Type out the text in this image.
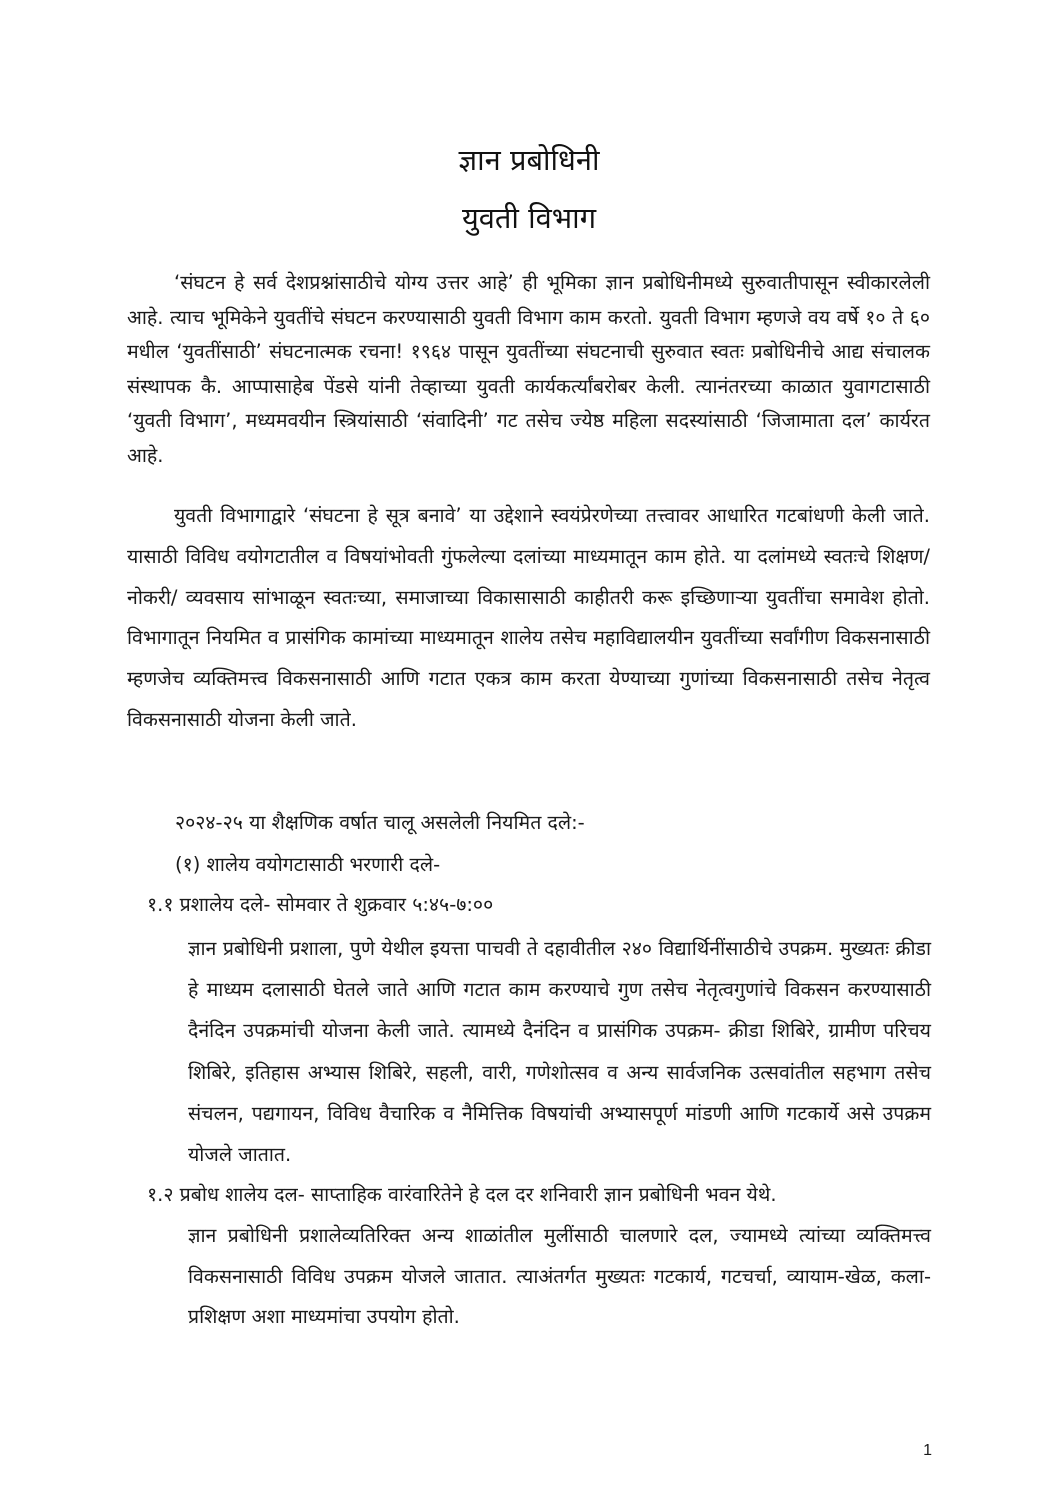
ज्ञान प्रबोधिनी
युवती विभाग

‘संघटन हे सर्व देशप्रश्नांसाठीचे योग्य उत्तर आहे’ ही भूमिका ज्ञान प्रबोधिनीमध्ये सुरुवातीपासून स्वीकारलेली आहे. त्याच भूमिकेने युवतींचे संघटन करण्यासाठी युवती विभाग काम करतो. युवती विभाग म्हणजे वय वर्षे १० ते ६० मधील ‘युवतींसाठी’ संघटनात्मक रचना! १९६४ पासून युवतींच्या संघटनाची सुरुवात स्वतः प्रबोधिनीचे आद्य संचालक संस्थापक कै. आप्पासाहेब पेंडसे यांनी तेव्हाच्या युवती कार्यकर्त्यांबरोबर केली. त्यानंतरच्या काळात युवागटासाठी ‘युवती विभाग’, मध्यमवयीन स्त्रियांसाठी ‘संवादिनी’ गट तसेच ज्येष्ठ महिला सदस्यांसाठी ‘जिजामाता दल’ कार्यरत आहे.

युवती विभागाद्वारे ‘संघटना हे सूत्र बनावे’ या उद्देशाने स्वयंप्रेरणेच्या तत्त्वावर आधारित गटबांधणी केली जाते. यासाठी विविध वयोगटातील व विषयांभोवती गुंफलेल्या दलांच्या माध्यमातून काम होते. या दलांमध्ये स्वतःचे शिक्षण/ नोकरी/ व्यवसाय सांभाळून स्वतःच्या, समाजाच्या विकासासाठी काहीतरी करू इच्छिणाऱ्या युवतींचा समावेश होतो. विभागातून नियमित व प्रासंगिक कामांच्या माध्यमातून शालेय तसेच महाविद्यालयीन युवतींच्या सर्वांगीण विकसनासाठी म्हणजेच व्यक्तिमत्त्व विकसनासाठी आणि गटात एकत्र काम करता येण्याच्या गुणांच्या विकसनासाठी तसेच नेतृत्व विकसनासाठी योजना केली जाते.

२०२४-२५ या शैक्षणिक वर्षात चालू असलेली नियमित दले:-

(१) शालेय वयोगटासाठी भरणारी दले-

१.१ प्रशालेय दले- सोमवार ते शुक्रवार ५:४५-७:००

ज्ञान प्रबोधिनी प्रशाला, पुणे येथील इयत्ता पाचवी ते दहावीतील २४० विद्यार्थिनींसाठीचे उपक्रम. मुख्यतः क्रीडा हे माध्यम दलासाठी घेतले जाते आणि गटात काम करण्याचे गुण तसेच नेतृत्वगुणांचे विकसन करण्यासाठी दैनंदिन उपक्रमांची योजना केली जाते. त्यामध्ये दैनंदिन व प्रासंगिक उपक्रम- क्रीडा शिबिरे, ग्रामीण परिचय शिबिरे, इतिहास अभ्यास शिबिरे, सहली, वारी, गणेशोत्सव व अन्य सार्वजनिक उत्सवांतील सहभाग तसेच संचलन, पद्यगायन, विविध वैचारिक व नैमित्तिक विषयांची अभ्यासपूर्ण मांडणी आणि गटकार्ये असे उपक्रम योजले जातात.

१.२ प्रबोध शालेय दल- साप्ताहिक वारंवारितेने हे दल दर शनिवारी ज्ञान प्रबोधिनी भवन येथे.

ज्ञान प्रबोधिनी प्रशालेव्यतिरिक्त अन्य शाळांतील मुलींसाठी चालणारे दल, ज्यामध्ये त्यांच्या व्यक्तिमत्त्व विकसनासाठी विविध उपक्रम योजले जातात. त्याअंतर्गत मुख्यतः गटकार्य, गटचर्चा, व्यायाम-खेळ, कला-प्रशिक्षण अशा माध्यमांचा उपयोग होतो.

1
